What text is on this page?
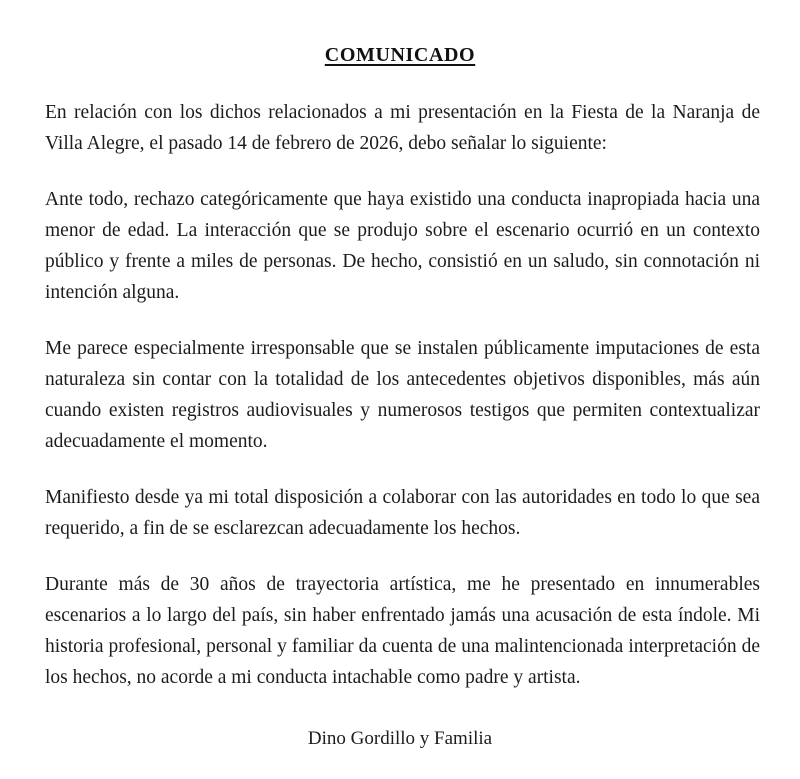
COMUNICADO

En relación con los dichos relacionados a mi presentación en la Fiesta de la Naranja de Villa Alegre, el pasado 14 de febrero de 2026, debo señalar lo siguiente:

Ante todo, rechazo categóricamente que haya existido una conducta inapropiada hacia una menor de edad. La interacción que se produjo sobre el escenario ocurrió en un contexto público y frente a miles de personas. De hecho, consistió en un saludo, sin connotación ni intención alguna.

Me parece especialmente irresponsable que se instalen públicamente imputaciones de esta naturaleza sin contar con la totalidad de los antecedentes objetivos disponibles, más aún cuando existen registros audiovisuales y numerosos testigos que permiten contextualizar adecuadamente el momento.

Manifiesto desde ya mi total disposición a colaborar con las autoridades en todo lo que sea requerido, a fin de se esclarezcan adecuadamente los hechos.

Durante más de 30 años de trayectoria artística, me he presentado en innumerables escenarios a lo largo del país, sin haber enfrentado jamás una acusación de esta índole. Mi historia profesional, personal y familiar da cuenta de una malintencionada interpretación de los hechos, no acorde a mi conducta intachable como padre y artista.

Dino Gordillo y Familia
